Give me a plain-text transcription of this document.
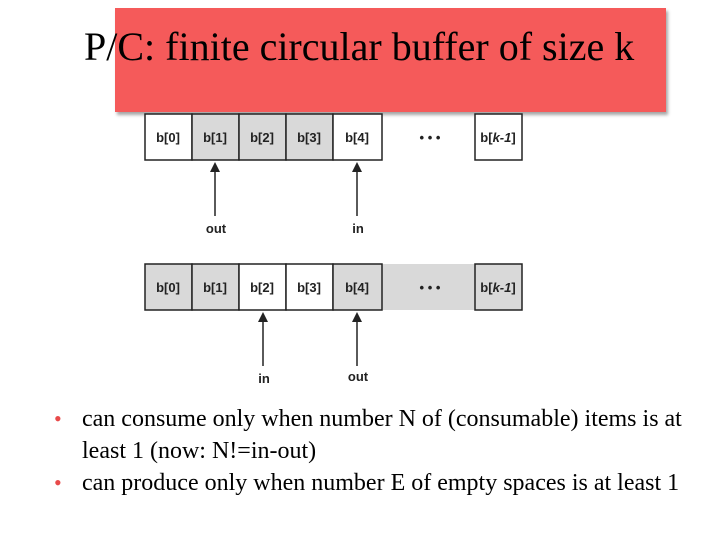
P/C: finite circular buffer of size k
b[0] b[1] b[2] b[3] b[4]	• • •	b[k-1]
out	in
b[0] b[1] b[2] b[3] b[4]	• • •	b[k-1]
in	out
• can consume only when number N of (consumable) items is at least 1 (now: N!=in-out)
• can produce only when number E of empty spaces is at least 1
